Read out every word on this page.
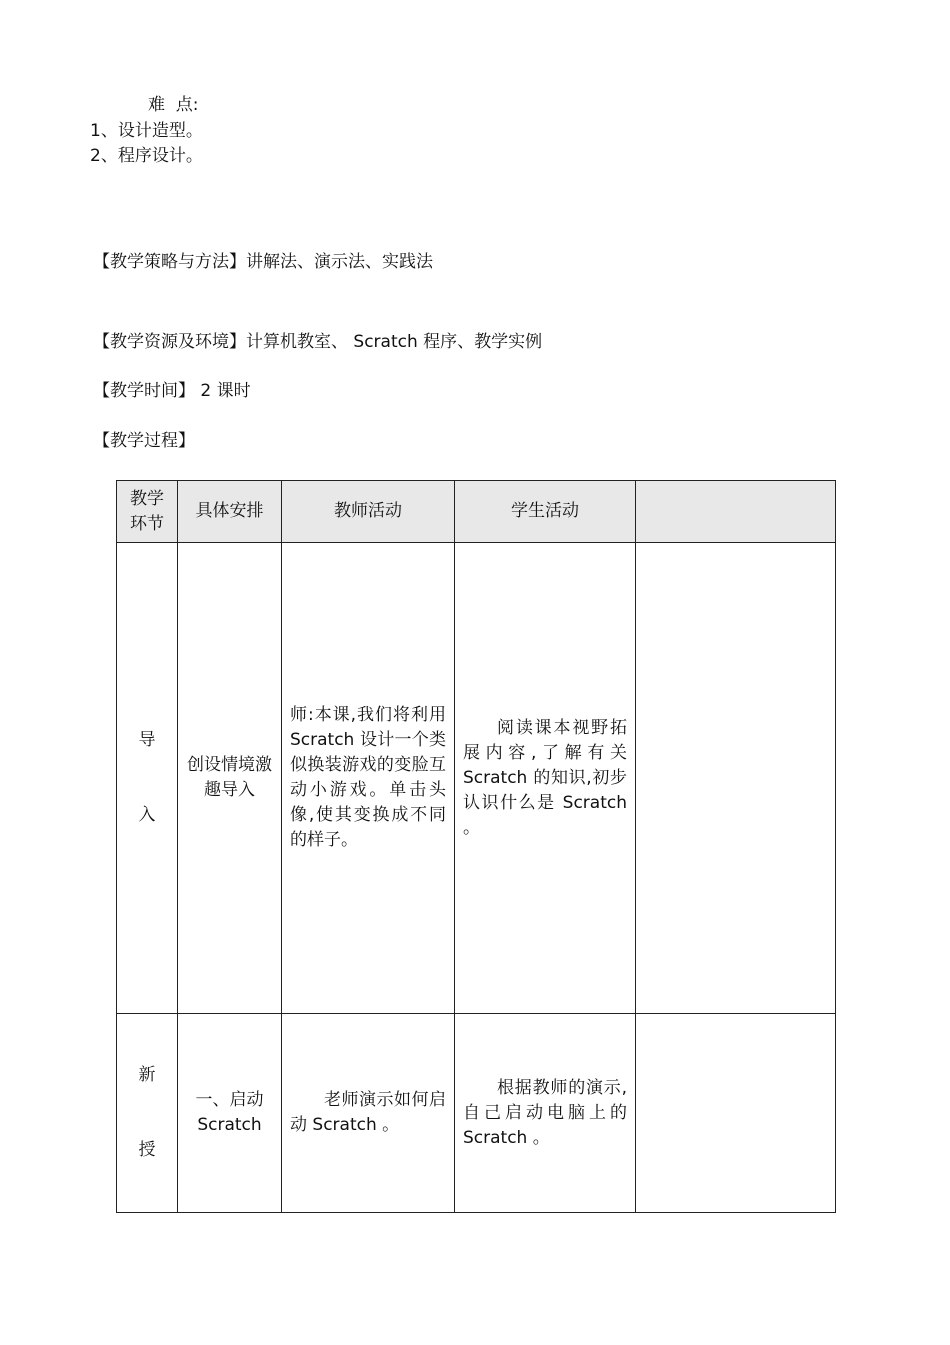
难  点:
1、设计造型。
2、程序设计。
【教学策略与方法】讲解法、演示法、实践法
【教学资源及环境】计算机教室、 Scratch 程序、教学实例
【教学时间】 2 课时
【教学过程】
教学环节	具体安排	教师活动	学生活动	

导
入	创设情境激趣导入	师:本课,我们将利用 Scratch 设计一个类似换装游戏的变脸互动小游戏。单击头像,使其变换成不同的样子。	阅读课本视野拓展内容,了解有关 Scratch 的知识,初步认识什么是 Scratch 。	

新
授	一、启动 Scratch	老师演示如何启动 Scratch 。	根据教师的演示,自己启动电脑上的 Scratch 。	
